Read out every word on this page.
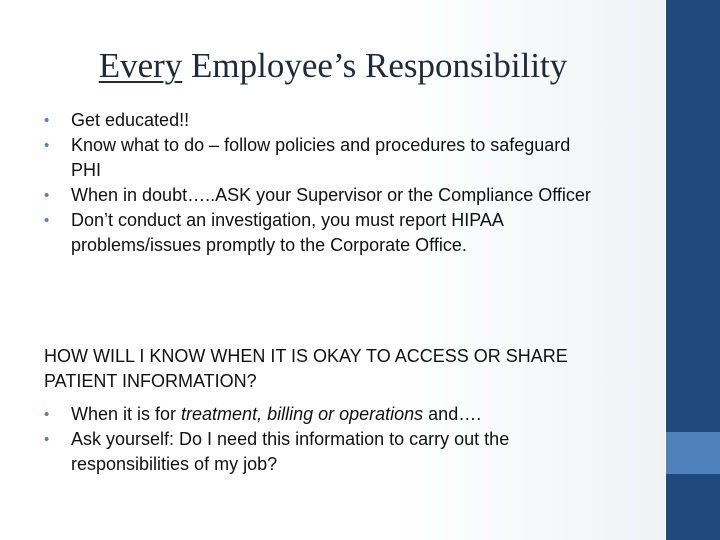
Every Employee’s Responsibility
• Get educated!!
• Know what to do – follow policies and procedures to safeguard PHI
• When in doubt…..ASK your Supervisor or the Compliance Officer
• Don’t conduct an investigation, you must report HIPAA problems/issues promptly to the Corporate Office.
HOW WILL I KNOW WHEN IT IS OKAY TO ACCESS OR SHARE PATIENT INFORMATION?
• When it is for treatment, billing or operations and….
• Ask yourself: Do I need this information to carry out the responsibilities of my job?
